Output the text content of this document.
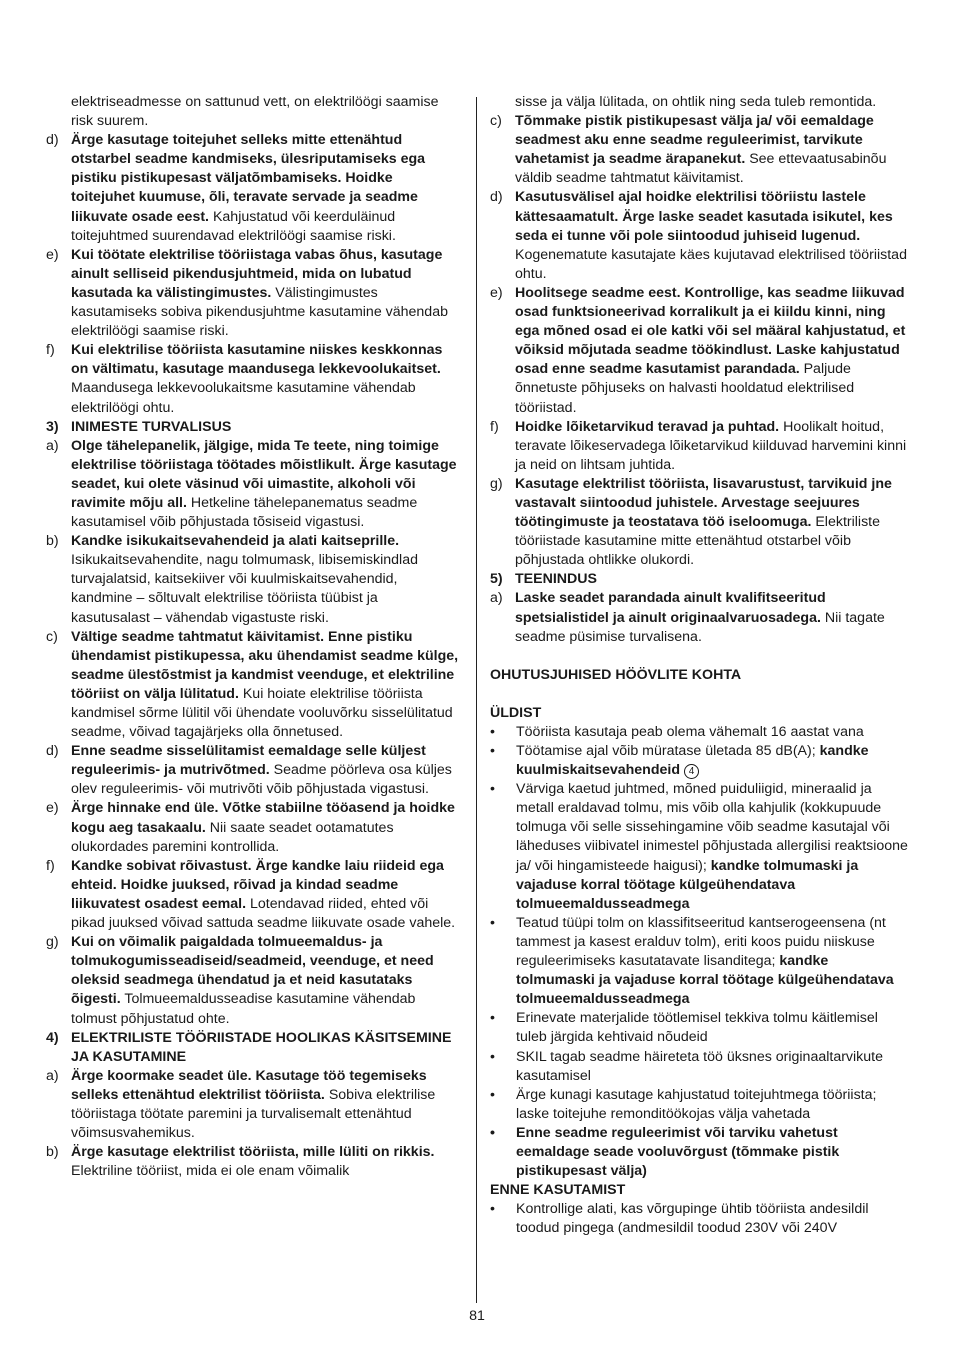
elektriseadmesse on sattunud vett, on elektrilöögi saamise risk suurem.
d) Ärge kasutage toitejuhet selleks mitte ettenähtud otstarbel seadme kandmiseks, ülesriputamiseks ega pistiku pistikupesast väljatõmbamiseks. Hoidke toitejuhet kuumuse, õli, teravate servade ja seadme liikuvate osade eest. Kahjustatud või keerduläinud toitejuhtmed suurendavad elektrilöögi saamise riski.
e) Kui töötate elektrilise tööriistaga vabas õhus, kasutage ainult selliseid pikendusjuhtmeid, mida on lubatud kasutada ka välistingimustes. Välistingimustes kasutamiseks sobiva pikendusjuhtme kasutamine vähendab elektrilöögi saamise riski.
f) Kui elektrilise tööriista kasutamine niiskes keskkonnas on vältimatu, kasutage maandusega lekkevoolukaitset. Maandusega lekkevoolukaitsme kasutamine vähendab elektrilöögi ohtu.
3) INIMESTE TURVALISUS
a) Olge tähelepanelik, jälgige, mida Te teete, ning toimige elektrilise tööriistaga töötades mõistlikult. Ärge kasutage seadet, kui olete väsinud või uimastite, alkoholi või ravimite mõju all. Hetkeline tähelepanematus seadme kasutamisel võib põhjustada tõsiseid vigastusi.
b) Kandke isikukaitsevahendeid ja alati kaitseprille. Isikukaitsevahendite, nagu tolmumask, libisemiskindlad turvajalatsid, kaitsekiiver või kuulmiskaitsevahendid, kandmine – sõltuvalt elektrilise tööriista tüübist ja kasutusalast – vähendab vigastuste riski.
c) Vältige seadme tahtmatut käivitamist. Enne pistiku ühendamist pistikupessa, aku ühendamist seadme külge, seadme ülestõstmist ja kandmist veenduge, et elektriline tööriist on välja lülitatud. Kui hoiate elektrilise tööriista kandmisel sõrme lülitil või ühendate vooluvõrku sisselülitatud seadme, võivad tagajärjeks olla õnnetused.
d) Enne seadme sisselülitamist eemaldage selle küljest reguleerimis- ja mutrivõtmed. Seadme pöörleva osa küljes olev reguleerimis- või mutrivõti võib põhjustada vigastusi.
e) Ärge hinnake end üle. Võtke stabiilne tööasend ja hoidke kogu aeg tasakaalu. Nii saate seadet ootamatutes olukordades paremini kontrollida.
f) Kandke sobivat rõivastust. Ärge kandke laiu riideid ega ehteid. Hoidke juuksed, rõivad ja kindad seadme liikuvatest osadest eemal. Lotendavad riided, ehted või pikad juuksed võivad sattuda seadme liikuvate osade vahele.
g) Kui on võimalik paigaldada tolmueemaldus- ja tolmukogumisseadiseid/seadmeid, veenduge, et need oleksid seadmega ühendatud ja et neid kasutataks õigesti. Tolmueemaldusseadise kasutamine vähendab tolmust põhjustatud ohte.
4) ELEKTRILISTE TÖÖRIISTADE HOOLIKAS KÄSITSEMINE JA KASUTAMINE
a) Ärge koormake seadet üle. Kasutage töö tegemiseks selleks ettenähtud elektrilist tööriista. Sobiva elektrilise tööriistaga töötate paremini ja turvalisemalt ettenähtud võimsusvahemikus.
b) Ärge kasutage elektrilist tööriista, mille lüliti on rikkis. Elektriline tööriist, mida ei ole enam võimalik
sisse ja välja lülitada, on ohtlik ning seda tuleb remontida.
c) Tõmmake pistik pistikupesast välja ja/ või eemaldage seadmest aku enne seadme reguleerimist, tarvikute vahetamist ja seadme ärapanekut. See ettevaatusabinõu väldib seadme tahtmatut käivitamist.
d) Kasutusvälisel ajal hoidke elektrilisi tööriistu lastele kättesaamatult. Ärge laske seadet kasutada isikutel, kes seda ei tunne või pole siintoodud juhiseid lugenud. Kogenematute kasutajate käes kujutavad elektrilised tööriistad ohtu.
e) Hoolitsege seadme eest. Kontrollige, kas seadme liikuvad osad funktsioneerivad korralikult ja ei kiildu kinni, ning ega mõned osad ei ole katki või sel määral kahjustatud, et võiksid mõjutada seadme töökindlust. Laske kahjustatud osad enne seadme kasutamist parandada. Paljude õnnetuste põhjuseks on halvasti hooldatud elektrilised tööriistad.
f) Hoidke lõiketarvikud teravad ja puhtad. Hoolikalt hoitud, teravate lõikeservadega lõiketarvikud kiilduvad harvemini kinni ja neid on lihtsam juhtida.
g) Kasutage elektrilist tööriista, lisavarustust, tarvikuid jne vastavalt siintoodud juhistele. Arvestage seejuures töötingimuste ja teostatava töö iseloomuga. Elektriliste tööriistade kasutamine mitte ettenähtud otstarbel võib põhjustada ohtlikke olukordi.
5) TEENINDUS
a) Laske seadet parandada ainult kvalifitseeritud spetsialistidel ja ainult originaalvaruosadega. Nii tagate seadme püsimise turvalisena.
OHUTUSJUHISED HÖÖVLITE KOHTA
ÜLDIST
• Tööriista kasutaja peab olema vähemalt 16 aastat vana
• Töötamise ajal võib müratase ületada 85 dB(A); kandke kuulmiskaitsevahendeid 4
• Värviga kaetud juhtmed, mõned puiduliigid, mineraalid ja metall eraldavad tolmu, mis võib olla kahjulik (kokkupuude tolmuga või selle sissehingamine võib seadme kasutajal või läheduses viibivatel inimestel põhjustada allergilisi reaktsioone ja/ või hingamisteede haigusi); kandke tolmumaski ja vajaduse korral töötage külgeühendatava tolmueemaldusseadmega
• Teatud tüüpi tolm on klassifitseeritud kantserogeensena (nt tammest ja kasest eralduv tolm), eriti koos puidu niiskuse reguleerimiseks kasutatavate lisanditega; kandke tolmumaski ja vajaduse korral töötage külgeühendatava tolmueemaldusseadmega
• Erinevate materjalide töötlemisel tekkiva tolmu käitlemisel tuleb järgida kehtivaid nõudeid
• SKIL tagab seadme häireteta töö üksnes originaaltarvikute kasutamisel
• Ärge kunagi kasutage kahjustatud toitejuhtmega tööriista; laske toitejuhe remonditöökojas välja vahetada
• Enne seadme reguleerimist või tarviku vahetust eemaldage seade vooluvõrgust (tõmmake pistik pistikupesast välja)
ENNE KASUTAMIST
• Kontrollige alati, kas võrgupinge ühtib tööriista andesildil toodud pingega (andmesildil toodud 230V või 240V
81
